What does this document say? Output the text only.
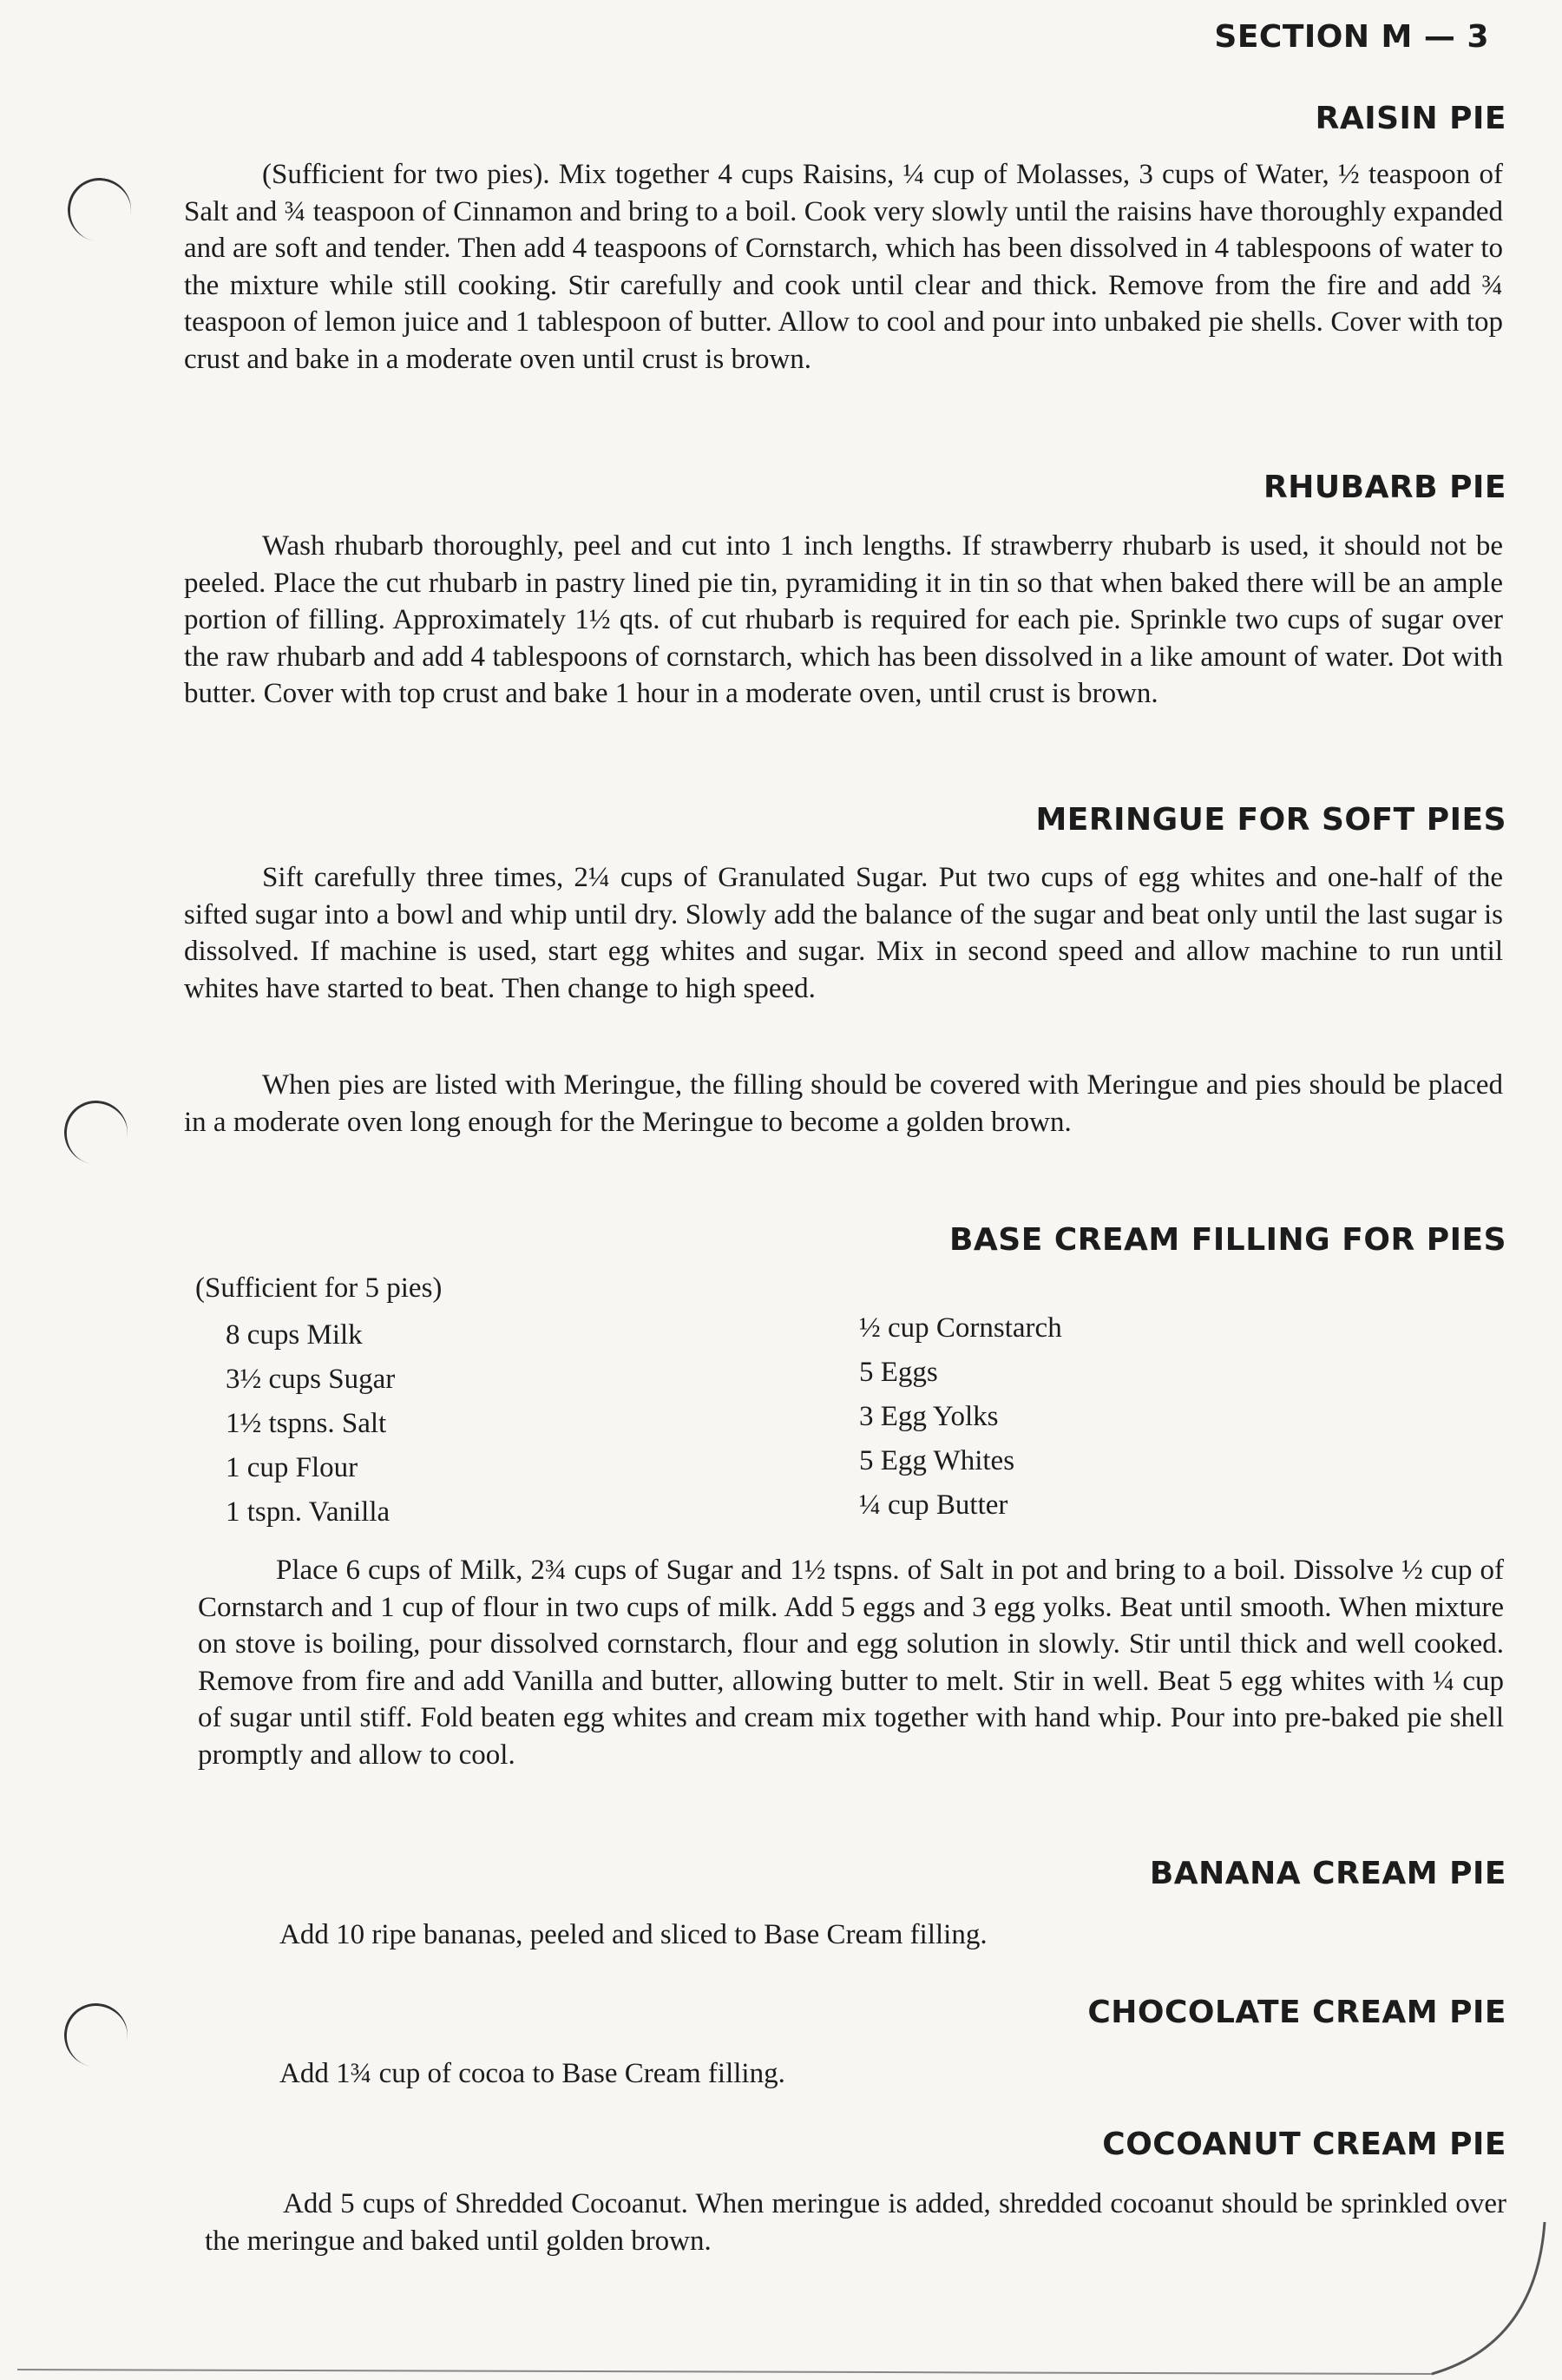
SECTION M — 3
RAISIN PIE

(Sufficient for two pies). Mix together 4 cups Raisins, ¼ cup of Molasses, 3 cups of Water, ½ teaspoon of Salt and ¾ teaspoon of Cinnamon and bring to a boil. Cook very slowly until the raisins have thoroughly expanded and are soft and tender. Then add 4 teaspoons of Cornstarch, which has been dissolved in 4 tablespoons of water to the mixture while still cooking. Stir carefully and cook until clear and thick. Remove from the fire and add ¾ teaspoon of lemon juice and 1 tablespoon of butter. Allow to cool and pour into unbaked pie shells. Cover with top crust and bake in a moderate oven until crust is brown.

RHUBARB PIE

Wash rhubarb thoroughly, peel and cut into 1 inch lengths. If strawberry rhubarb is used, it should not be peeled. Place the cut rhubarb in pastry lined pie tin, pyramiding it in tin so that when baked there will be an ample portion of filling. Approximately 1½ qts. of cut rhubarb is required for each pie. Sprinkle two cups of sugar over the raw rhubarb and add 4 tablespoons of cornstarch, which has been dissolved in a like amount of water. Dot with butter. Cover with top crust and bake 1 hour in a moderate oven, until crust is brown.

MERINGUE FOR SOFT PIES

Sift carefully three times, 2¼ cups of Granulated Sugar. Put two cups of egg whites and one-half of the sifted sugar into a bowl and whip until dry. Slowly add the balance of the sugar and beat only until the last sugar is dissolved. If machine is used, start egg whites and sugar. Mix in second speed and allow machine to run until whites have started to beat. Then change to high speed.

When pies are listed with Meringue, the filling should be covered with Meringue and pies should be placed in a moderate oven long enough for the Meringue to become a golden brown.

BASE CREAM FILLING FOR PIES
(Sufficient for 5 pies)
8 cups Milk
3½ cups Sugar
1½ tspns. Salt
1 cup Flour
1 tspn. Vanilla
½ cup Cornstarch
5 Eggs
3 Egg Yolks
5 Egg Whites
¼ cup Butter

Place 6 cups of Milk, 2¾ cups of Sugar and 1½ tspns. of Salt in pot and bring to a boil. Dissolve ½ cup of Cornstarch and 1 cup of flour in two cups of milk. Add 5 eggs and 3 egg yolks. Beat until smooth. When mixture on stove is boiling, pour dissolved cornstarch, flour and egg solution in slowly. Stir until thick and well cooked. Remove from fire and add Vanilla and butter, allowing butter to melt. Stir in well. Beat 5 egg whites with ¼ cup of sugar until stiff. Fold beaten egg whites and cream mix together with hand whip. Pour into pre-baked pie shell promptly and allow to cool.

BANANA CREAM PIE

Add 10 ripe bananas, peeled and sliced to Base Cream filling.

CHOCOLATE CREAM PIE

Add 1¾ cup of cocoa to Base Cream filling.

COCOANUT CREAM PIE

Add 5 cups of Shredded Cocoanut. When meringue is added, shredded cocoanut should be sprinkled over the meringue and baked until golden brown.
